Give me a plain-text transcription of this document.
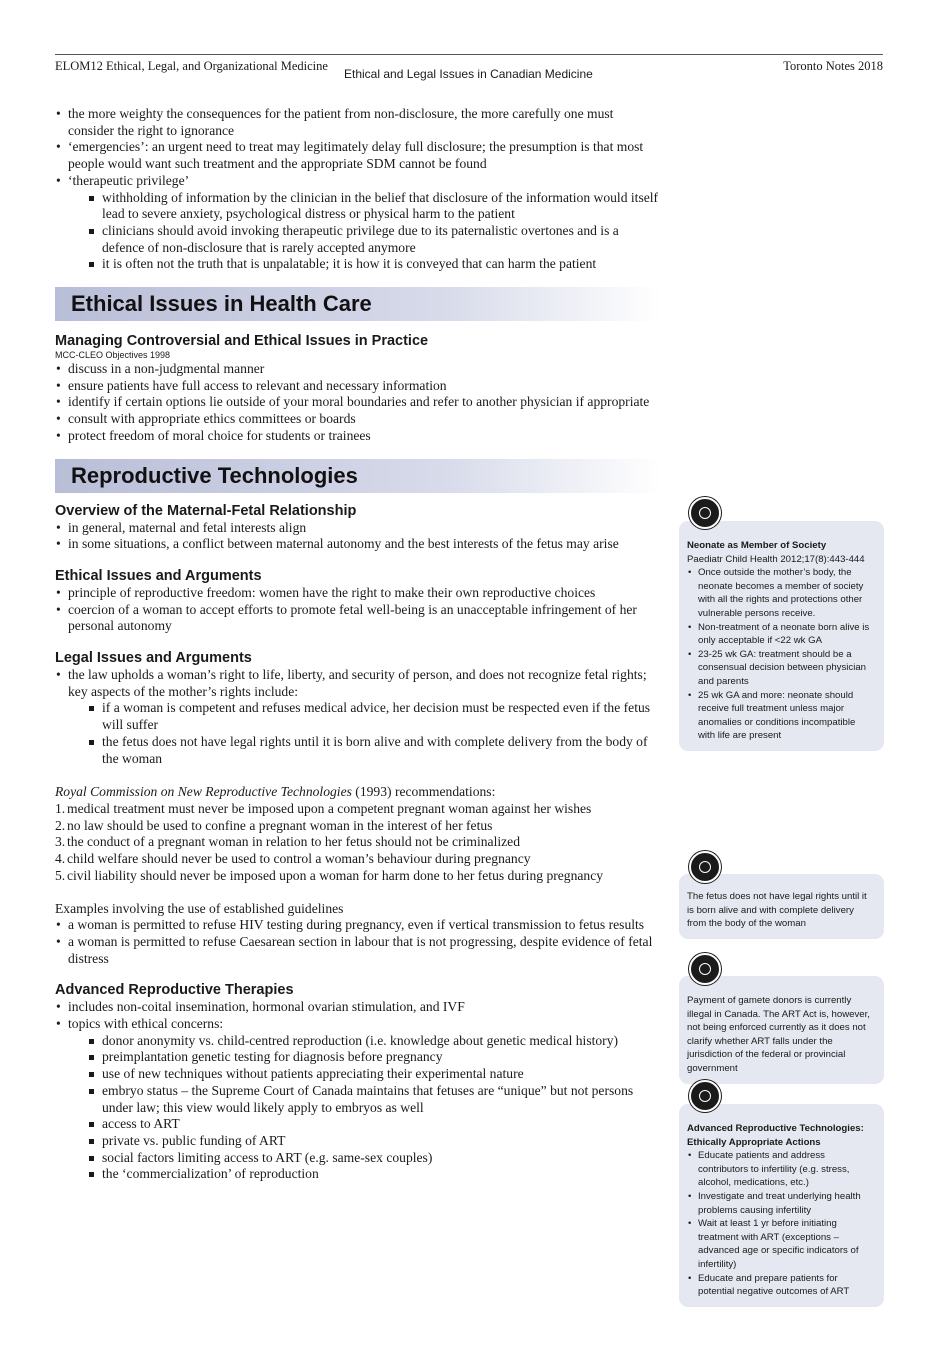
ELOM12 Ethical, Legal, and Organizational Medicine
Ethical and Legal Issues in Canadian Medicine
Toronto Notes 2018
• the more weighty the consequences for the patient from non-disclosure, the more carefully one must consider the right to ignorance
• ‘emergencies’: an urgent need to treat may legitimately delay full disclosure; the presumption is that most people would want such treatment and the appropriate SDM cannot be found
• ‘therapeutic privilege’
withholding of information by the clinician in the belief that disclosure of the information would itself lead to severe anxiety, psychological distress or physical harm to the patient
clinicians should avoid invoking therapeutic privilege due to its paternalistic overtones and is a defence of non-disclosure that is rarely accepted anymore
it is often not the truth that is unpalatable; it is how it is conveyed that can harm the patient
Ethical Issues in Health Care
Managing Controversial and Ethical Issues in Practice
MCC-CLEO Objectives 1998
• discuss in a non-judgmental manner
• ensure patients have full access to relevant and necessary information
• identify if certain options lie outside of your moral boundaries and refer to another physician if appropriate
• consult with appropriate ethics committees or boards
• protect freedom of moral choice for students or trainees
Reproductive Technologies
Overview of the Maternal-Fetal Relationship
• in general, maternal and fetal interests align
• in some situations, a conflict between maternal autonomy and the best interests of the fetus may arise
Ethical Issues and Arguments
• principle of reproductive freedom: women have the right to make their own reproductive choices
• coercion of a woman to accept efforts to promote fetal well-being is an unacceptable infringement of her personal autonomy
Legal Issues and Arguments
• the law upholds a woman’s right to life, liberty, and security of person, and does not recognize fetal rights; key aspects of the mother’s rights include:
if a woman is competent and refuses medical advice, her decision must be respected even if the fetus will suffer
the fetus does not have legal rights until it is born alive and with complete delivery from the body of the woman
Royal Commission on New Reproductive Technologies (1993) recommendations:
1. medical treatment must never be imposed upon a competent pregnant woman against her wishes
2. no law should be used to confine a pregnant woman in the interest of her fetus
3. the conduct of a pregnant woman in relation to her fetus should not be criminalized
4. child welfare should never be used to control a woman’s behaviour during pregnancy
5. civil liability should never be imposed upon a woman for harm done to her fetus during pregnancy
Examples involving the use of established guidelines
• a woman is permitted to refuse HIV testing during pregnancy, even if vertical transmission to fetus results
• a woman is permitted to refuse Caesarean section in labour that is not progressing, despite evidence of fetal distress
Advanced Reproductive Therapies
• includes non-coital insemination, hormonal ovarian stimulation, and IVF
• topics with ethical concerns:
donor anonymity vs. child-centred reproduction (i.e. knowledge about genetic medical history)
preimplantation genetic testing for diagnosis before pregnancy
use of new techniques without patients appreciating their experimental nature
embryo status – the Supreme Court of Canada maintains that fetuses are “unique” but not persons under law; this view would likely apply to embryos as well
access to ART
private vs. public funding of ART
social factors limiting access to ART (e.g. same-sex couples)
the ‘commercialization’ of reproduction
Neonate as Member of Society
Paediatr Child Health 2012;17(8):443-444
• Once outside the mother’s body, the neonate becomes a member of society with all the rights and protections other vulnerable persons receive.
• Non-treatment of a neonate born alive is only acceptable if <22 wk GA
• 23-25 wk GA: treatment should be a consensual decision between physician and parents
• 25 wk GA and more: neonate should receive full treatment unless major anomalies or conditions incompatible with life are present
The fetus does not have legal rights until it is born alive and with complete delivery from the body of the woman
Payment of gamete donors is currently illegal in Canada. The ART Act is, however, not being enforced currently as it does not clarify whether ART falls under the jurisdiction of the federal or provincial government
Advanced Reproductive Technologies: Ethically Appropriate Actions
• Educate patients and address contributors to infertility (e.g. stress, alcohol, medications, etc.)
• Investigate and treat underlying health problems causing infertility
• Wait at least 1 yr before initiating treatment with ART (exceptions – advanced age or specific indicators of infertility)
• Educate and prepare patients for potential negative outcomes of ART
